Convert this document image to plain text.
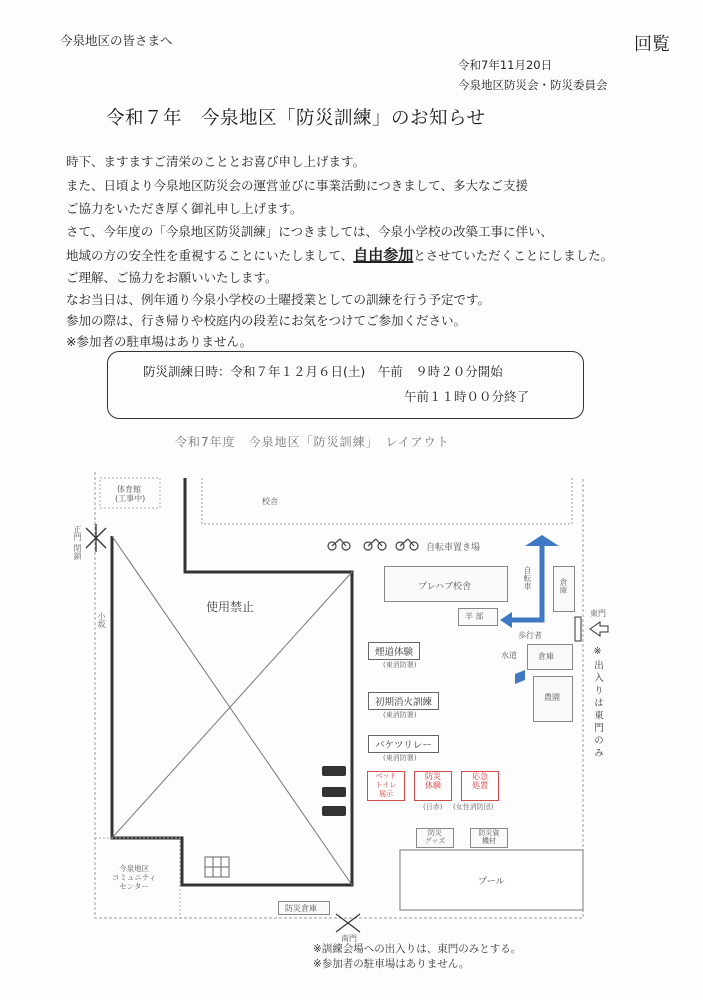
今泉地区の皆さまへ	回覧
令和7年11月20日
今泉地区防災会・防災委員会
令和７年　今泉地区「防災訓練」のお知らせ
時下、ますますご清栄のこととお喜び申し上げます。
また、日頃より今泉地区防災会の運営並びに事業活動につきまして、多大なご支援
ご協力をいただき厚く御礼申し上げます。
さて、今年度の「今泉地区防災訓練」につきましては、今泉小学校の改築工事に伴い、
地域の方の安全性を重視することにいたしまして、自由参加とさせていただくことにしました。
ご理解、ご協力をお願いいたします。
なお当日は、例年通り今泉小学校の土曜授業としての訓練を行う予定です。
参加の際は、行き帰りや校庭内の段差にお気をつけてご参加ください。
※参加者の駐車場はありません。
防災訓練日時：令和７年１２月６日(土)　午前　９時２０分開始
午前１１時００分終了
令和7年度　今泉地区「防災訓練」　レイアウト
体育館
(工事中)	校舎
正門
閉鎖
小坂
使用禁止
自転車置き場
プレハブ校舎
半 部
自転車	倉庫
歩行者
東門
※出入りは東門のみ
煙道体験
(東消防署)
初期消火訓練
(東消防署)
バケツリレー
(東消防署)
水道	倉庫
農園
ベッド
トイレ
展示
防災
体験
応急
処置
(日赤) (女性消防団)
防災
グッズ
防災資
機材
今泉地区
コミュニティ
センター
防災倉庫
プール
南門
※訓練会場への出入りは、東門のみとする。
※参加者の駐車場はありません。
